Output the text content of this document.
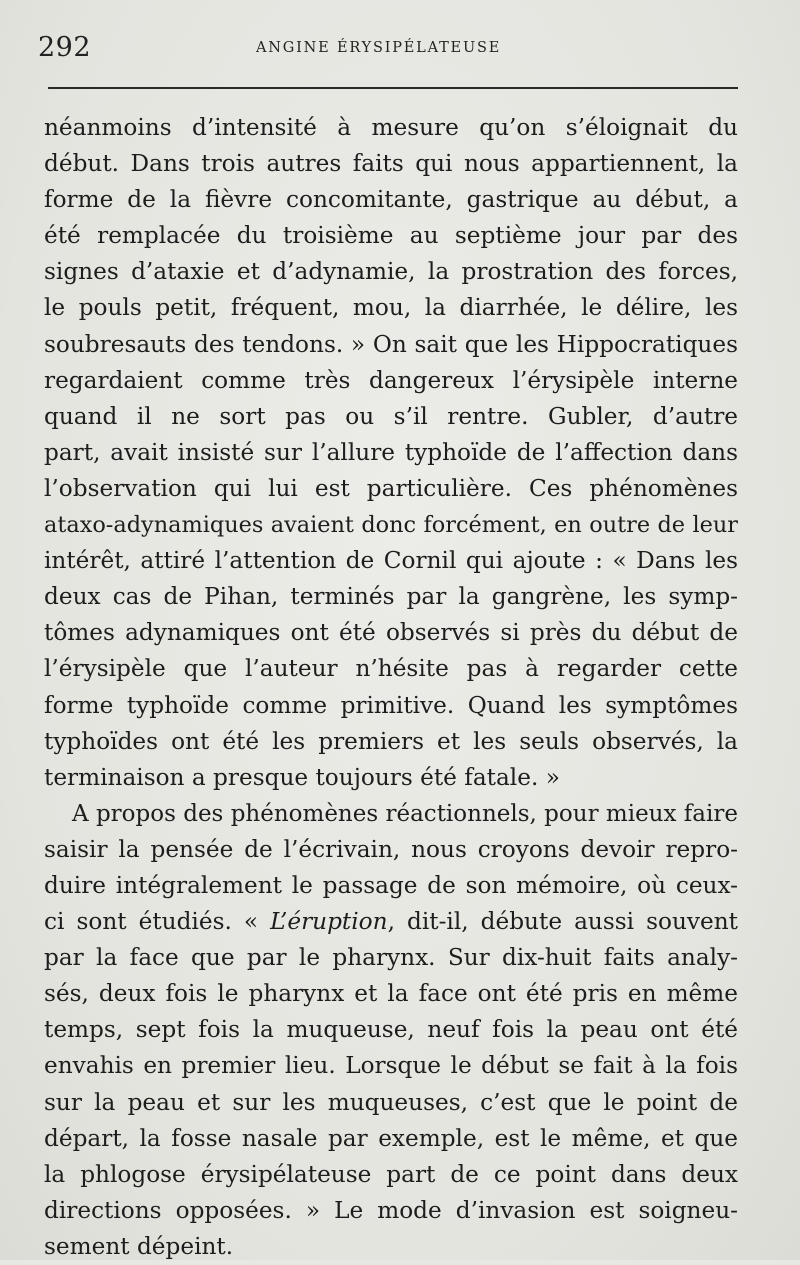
292	ANGINE ÉRYSIPÉLATEUSE
néanmoins d’intensité à mesure qu’on s’éloignait du
début. Dans trois autres faits qui nous appartiennent, la
forme de la fièvre concomitante, gastrique au début, a
été remplacée du troisième au septième jour par des
signes d’ataxie et d’adynamie, la prostration des forces,
le pouls petit, fréquent, mou, la diarrhée, le délire, les
soubresauts des tendons. » On sait que les Hippocratiques
regardaient comme très dangereux l’érysipèle interne
quand il ne sort pas ou s’il rentre. Gubler, d’autre
part, avait insisté sur l’allure typhoïde de l’affection dans
l’observation qui lui est particulière. Ces phénomènes
ataxo-adynamiques avaient donc forcément, en outre de leur
intérêt, attiré l’attention de Cornil qui ajoute : « Dans les
deux cas de Pihan, terminés par la gangrène, les symp-
tômes adynamiques ont été observés si près du début de
l’érysipèle que l’auteur n’hésite pas à regarder cette
forme typhoïde comme primitive. Quand les symptômes
typhoïdes ont été les premiers et les seuls observés, la
terminaison a presque toujours été fatale. »
A propos des phénomènes réactionnels, pour mieux faire
saisir la pensée de l’écrivain, nous croyons devoir repro-
duire intégralement le passage de son mémoire, où ceux-
ci sont étudiés. « L’éruption, dit-il, débute aussi souvent
par la face que par le pharynx. Sur dix-huit faits analy-
sés, deux fois le pharynx et la face ont été pris en même
temps, sept fois la muqueuse, neuf fois la peau ont été
envahis en premier lieu. Lorsque le début se fait à la fois
sur la peau et sur les muqueuses, c’est que le point de
départ, la fosse nasale par exemple, est le même, et que
la phlogose érysipélateuse part de ce point dans deux
directions opposées. » Le mode d’invasion est soigneu-
sement dépeint.
